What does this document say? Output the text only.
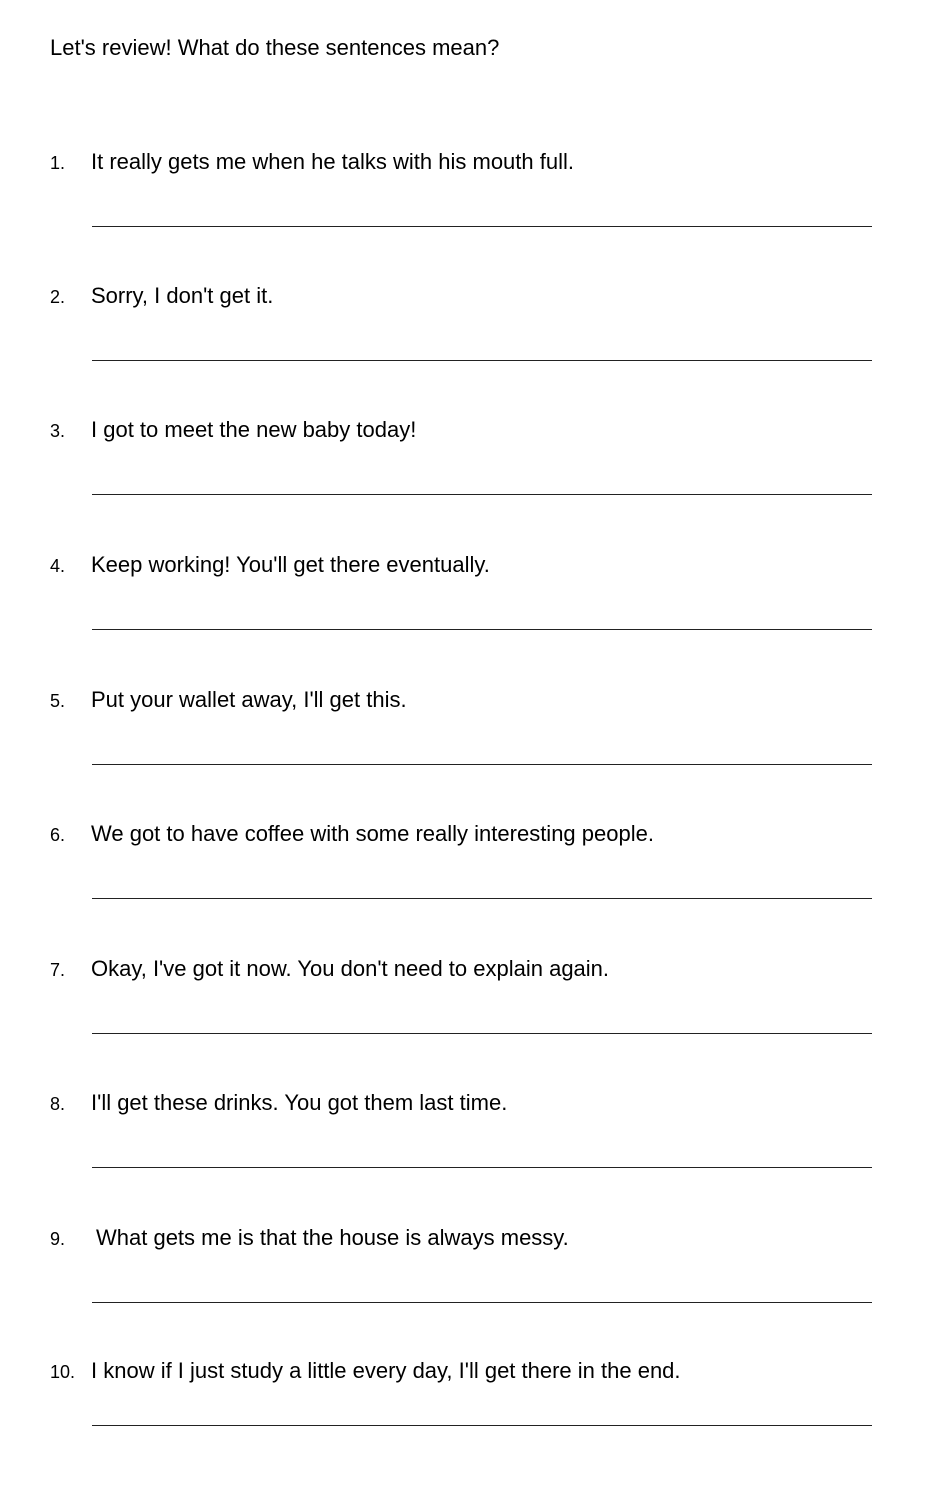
Let's review! What do these sentences mean?
1. It really gets me when he talks with his mouth full.
2. Sorry, I don't get it.
3. I got to meet the new baby today!
4. Keep working! You'll get there eventually.
5. Put your wallet away, I'll get this.
6. We got to have coffee with some really interesting people.
7. Okay, I've got it now. You don't need to explain again.
8. I'll get these drinks. You got them last time.
9. What gets me is that the house is always messy.
10. I know if I just study a little every day, I'll get there in the end.
